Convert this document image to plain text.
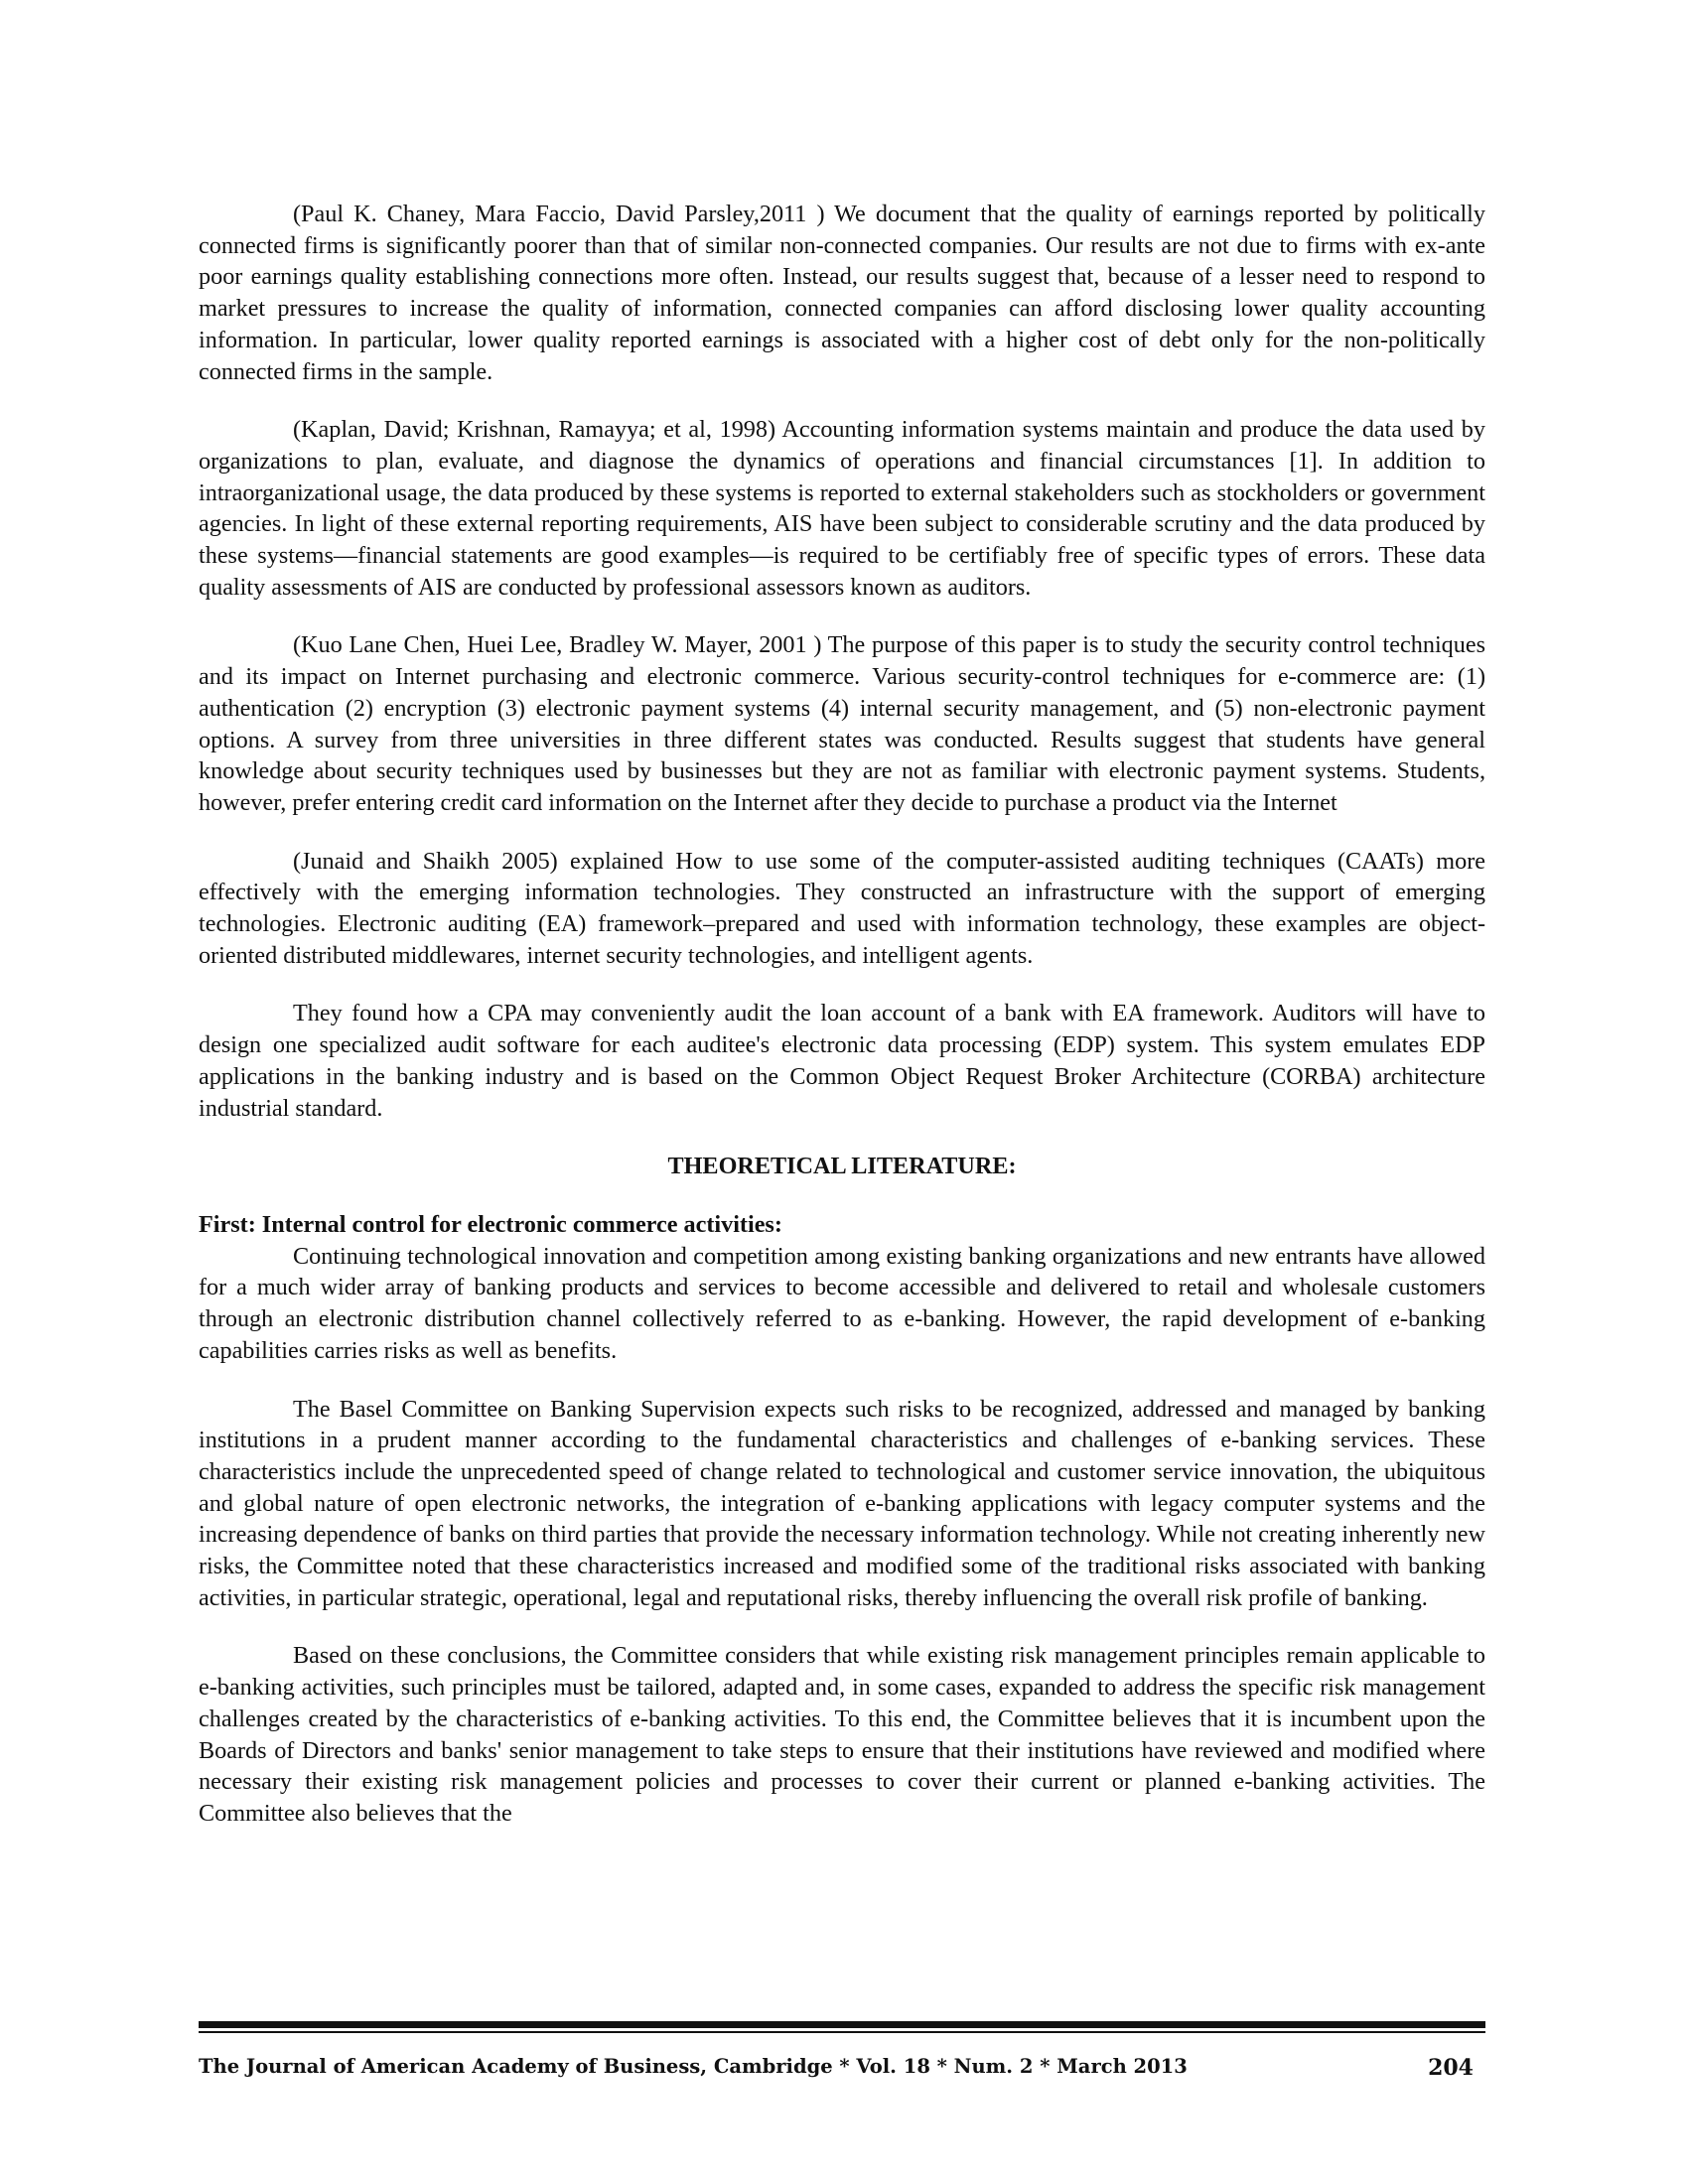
(Paul K. Chaney, Mara Faccio, David Parsley,2011 ) We document that the quality of earnings reported by politically connected firms is significantly poorer than that of similar non-connected companies. Our results are not due to firms with ex-ante poor earnings quality establishing connections more often. Instead, our results suggest that, because of a lesser need to respond to market pressures to increase the quality of information, connected companies can afford disclosing lower quality accounting information. In particular, lower quality reported earnings is associated with a higher cost of debt only for the non-politically connected firms in the sample.

(Kaplan, David; Krishnan, Ramayya; et al, 1998) Accounting information systems maintain and produce the data used by organizations to plan, evaluate, and diagnose the dynamics of operations and financial circumstances [1]. In addition to intraorganizational usage, the data produced by these systems is reported to external stakeholders such as stockholders or government agencies. In light of these external reporting requirements, AIS have been subject to considerable scrutiny and the data produced by these systems—financial statements are good examples—is required to be certifiably free of specific types of errors. These data quality assessments of AIS are conducted by professional assessors known as auditors.

(Kuo Lane Chen, Huei Lee, Bradley W. Mayer, 2001 ) The purpose of this paper is to study the security control techniques and its impact on Internet purchasing and electronic commerce. Various security-control techniques for e-commerce are: (1) authentication (2) encryption (3) electronic payment systems (4) internal security management, and (5) non-electronic payment options. A survey from three universities in three different states was conducted. Results suggest that students have general knowledge about security techniques used by businesses but they are not as familiar with electronic payment systems. Students, however, prefer entering credit card information on the Internet after they decide to purchase a product via the Internet

(Junaid and Shaikh 2005) explained How to use some of the computer-assisted auditing techniques (CAATs) more effectively with the emerging information technologies. They constructed an infrastructure with the support of emerging technologies. Electronic auditing (EA) framework–prepared and used with information technology, these examples are object-oriented distributed middlewares, internet security technologies, and intelligent agents.

They found how a CPA may conveniently audit the loan account of a bank with EA framework. Auditors will have to design one specialized audit software for each auditee's electronic data processing (EDP) system. This system emulates EDP applications in the banking industry and is based on the Common Object Request Broker Architecture (CORBA) architecture industrial standard.

THEORETICAL LITERATURE:
First: Internal control for electronic commerce activities:

Continuing technological innovation and competition among existing banking organizations and new entrants have allowed for a much wider array of banking products and services to become accessible and delivered to retail and wholesale customers through an electronic distribution channel collectively referred to as e-banking. However, the rapid development of e-banking capabilities carries risks as well as benefits.

The Basel Committee on Banking Supervision expects such risks to be recognized, addressed and managed by banking institutions in a prudent manner according to the fundamental characteristics and challenges of e-banking services. These characteristics include the unprecedented speed of change related to technological and customer service innovation, the ubiquitous and global nature of open electronic networks, the integration of e-banking applications with legacy computer systems and the increasing dependence of banks on third parties that provide the necessary information technology. While not creating inherently new risks, the Committee noted that these characteristics increased and modified some of the traditional risks associated with banking activities, in particular strategic, operational, legal and reputational risks, thereby influencing the overall risk profile of banking.

Based on these conclusions, the Committee considers that while existing risk management principles remain applicable to e-banking activities, such principles must be tailored, adapted and, in some cases, expanded to address the specific risk management challenges created by the characteristics of e-banking activities. To this end, the Committee believes that it is incumbent upon the Boards of Directors and banks' senior management to take steps to ensure that their institutions have reviewed and modified where necessary their existing risk management policies and processes to cover their current or planned e-banking activities. The Committee also believes that the

The Journal of American Academy of Business, Cambridge * Vol. 18 * Num. 2 * March 2013	204
